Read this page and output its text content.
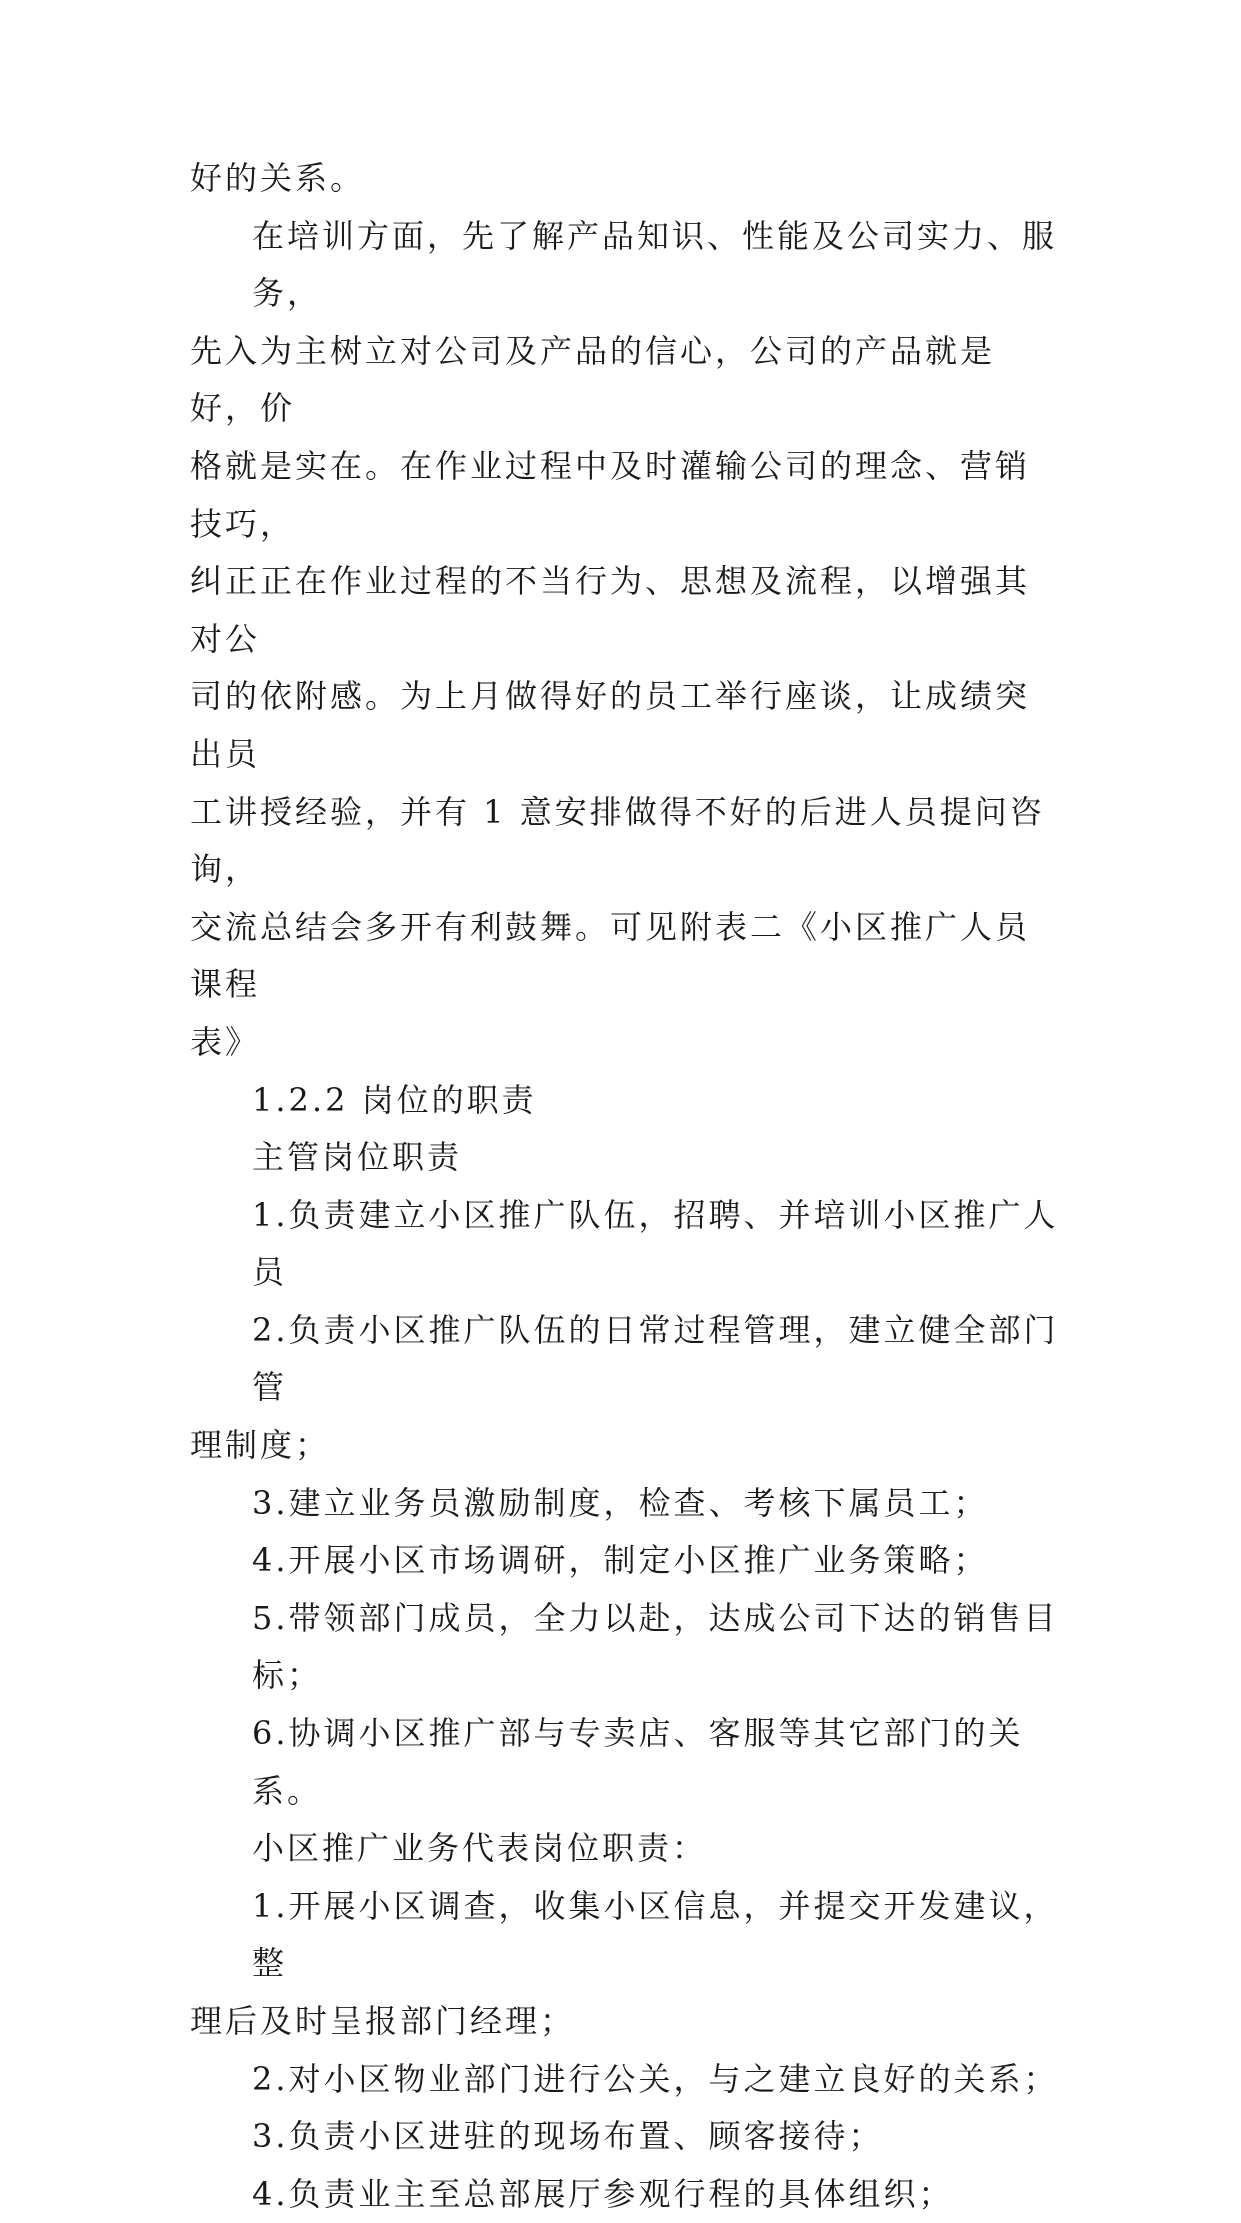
好的关系。

在培训方面，先了解产品知识、性能及公司实力、服务，

先入为主树立对公司及产品的信心，公司的产品就是好，价

格就是实在。在作业过程中及时灌输公司的理念、营销技巧，

纠正正在作业过程的不当行为、思想及流程，以增强其对公

司的依附感。为上月做得好的员工举行座谈，让成绩突出员

工讲授经验，并有 1 意安排做得不好的后进人员提问咨询，

交流总结会多开有利鼓舞。可见附表二《小区推广人员课程

表》

1.2.2 岗位的职责

主管岗位职责

1.负责建立小区推广队伍，招聘、并培训小区推广人员

2.负责小区推广队伍的日常过程管理，建立健全部门管

理制度；

3.建立业务员激励制度，检查、考核下属员工；

4.开展小区市场调研，制定小区推广业务策略；

5.带领部门成员，全力以赴，达成公司下达的销售目标；

6.协调小区推广部与专卖店、客服等其它部门的关系。

小区推广业务代表岗位职责：

1.开展小区调查，收集小区信息，并提交开发建议，整

理后及时呈报部门经理；

2.对小区物业部门进行公关，与之建立良好的关系；

3.负责小区进驻的现场布置、顾客接待；

4.负责业主至总部展厅参观行程的具体组织；
